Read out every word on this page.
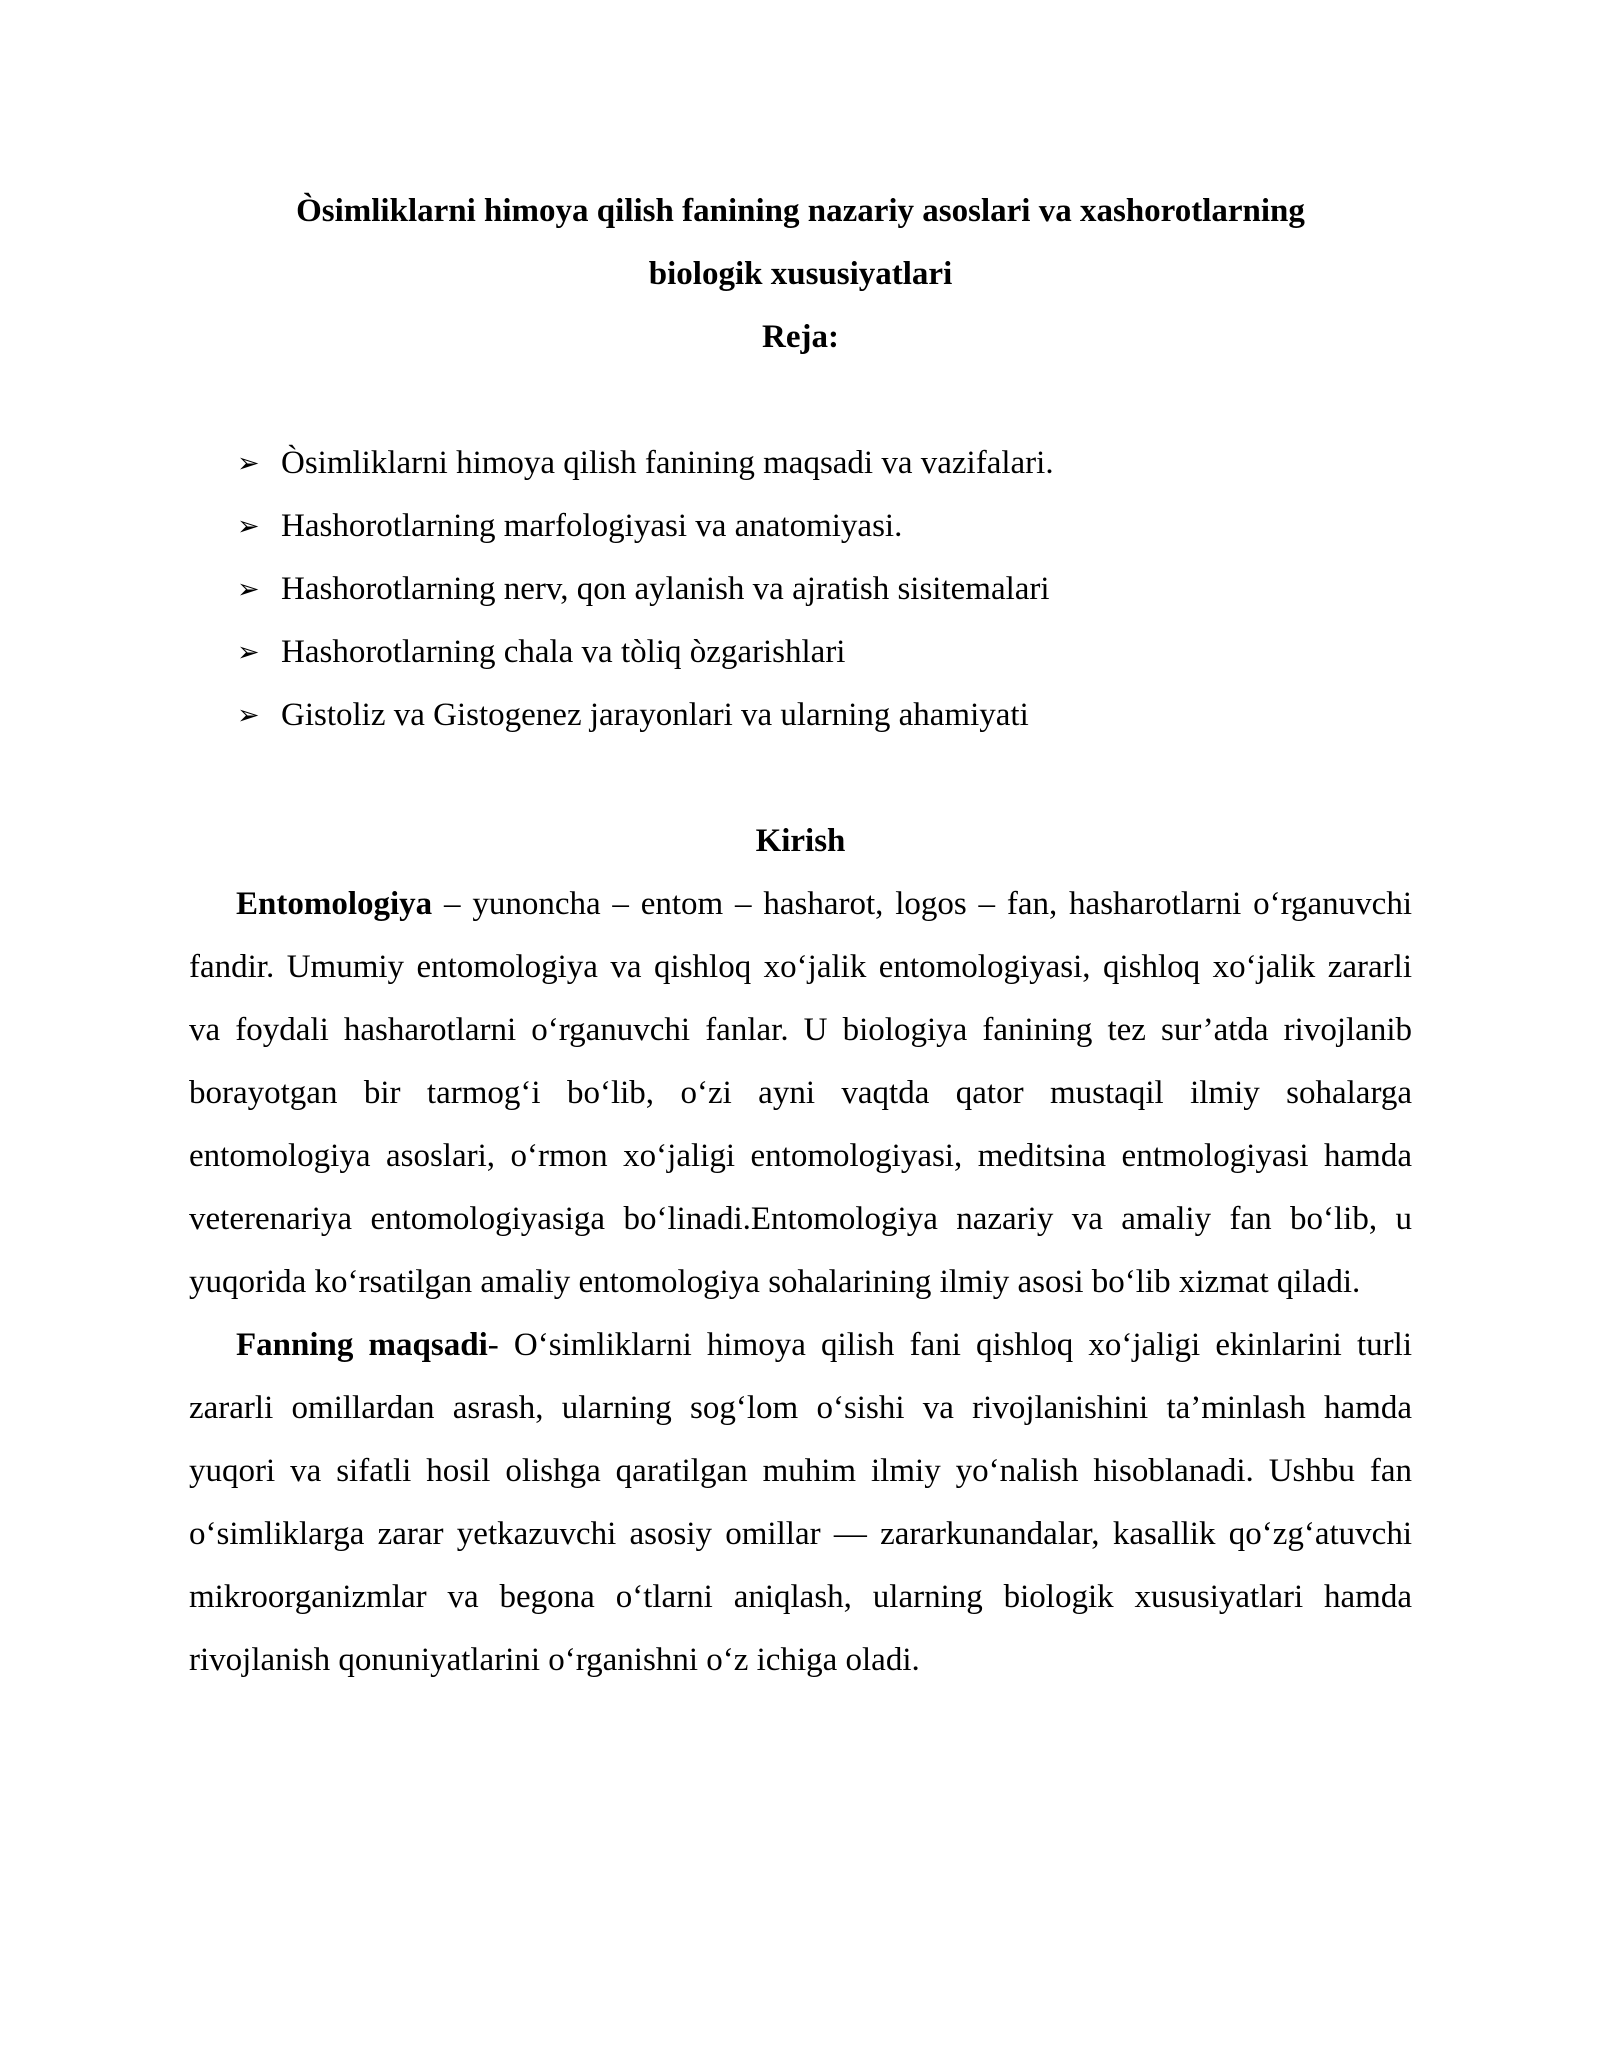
Òsimliklarni himoya qilish fanining nazariy asoslari va xashorotlarning
biologik xususiyatlari

Reja:

➢ Òsimliklarni himoya qilish fanining maqsadi va vazifalari.
➢ Hashorotlarning marfologiyasi va anatomiyasi.
➢ Hashorotlarning nerv, qon aylanish va ajratish sisitemalari
➢ Hashorotlarning chala va tòliq òzgarishlari
➢ Gistoliz va Gistogenez jarayonlari va ularning ahamiyati

Kirish

Entomologiya – yunoncha – entom – hasharot, logos – fan, hasharotlarni o‘rganuvchi fandir. Umumiy entomologiya va qishloq xo‘jalik entomologiyasi, qishloq xo‘jalik zararli va foydali hasharotlarni o‘rganuvchi fanlar. U biologiya fanining tez sur’atda rivojlanib borayotgan bir tarmog‘i bo‘lib, o‘zi ayni vaqtda qator mustaqil ilmiy sohalarga entomologiya asoslari, o‘rmon xo‘jaligi entomologiyasi, meditsina entmologiyasi hamda veterenariya entomologiyasiga bo‘linadi.Entomologiya nazariy va amaliy fan bo‘lib, u yuqorida ko‘rsatilgan amaliy entomologiya sohalarining ilmiy asosi bo‘lib xizmat qiladi.

Fanning maqsadi- O‘simliklarni himoya qilish fani qishloq xo‘jaligi ekinlarini turli zararli omillardan asrash, ularning sog‘lom o‘sishi va rivojlanishini ta’minlash hamda yuqori va sifatli hosil olishga qaratilgan muhim ilmiy yo‘nalish hisoblanadi. Ushbu fan o‘simliklarga zarar yetkazuvchi asosiy omillar — zararkunandalar, kasallik qo‘zg‘atuvchi mikroorganizmlar va begona o‘tlarni aniqlash, ularning biologik xususiyatlari hamda rivojlanish qonuniyatlarini o‘rganishni o‘z ichiga oladi.
